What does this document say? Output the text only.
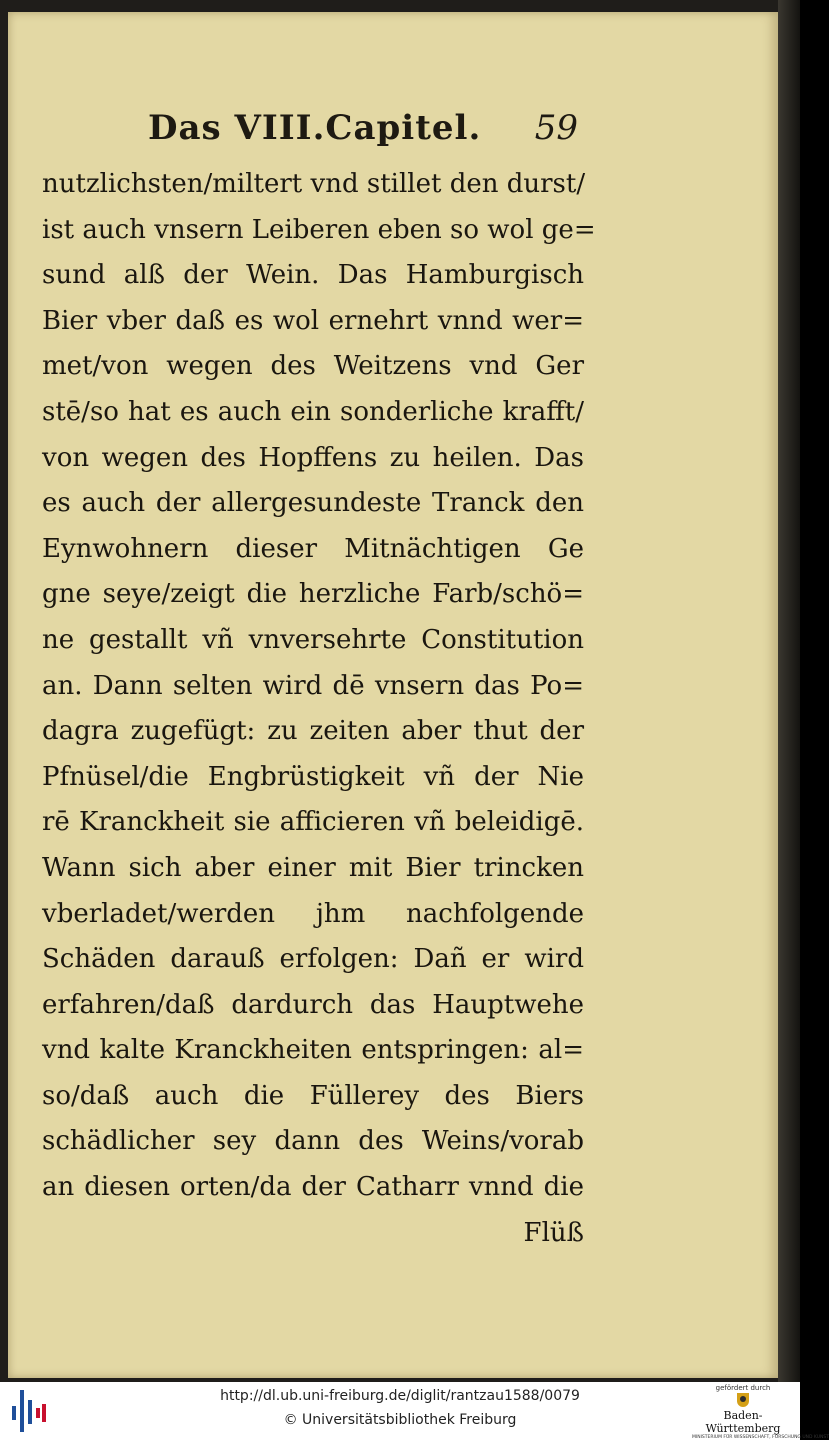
Das VIII.Capitel. 59
nutzlichsten/miltert vnd stillet den durst/
ist auch vnsern Leiberen eben so wol ge=
sund alß der Wein. Das Hamburgisch
Bier vber daß es wol ernehrt vnnd wer=
met/von wegen des Weitzens vnd Ger
stē/so hat es auch ein sonderliche krafft/
von wegen des Hopffens zu heilen. Das
es auch der allergesundeste Tranck den
Eynwohnern dieser Mitnächtigen Ge
gne seye/zeigt die herzliche Farb/schö=
ne gestallt vñ vnversehrte Constitution
an. Dann selten wird dē vnsern das Po=
dagra zugefügt: zu zeiten aber thut der
Pfnüsel/die Engbrüstigkeit vñ der Nie
rē Kranckheit sie afficieren vñ beleidigē.
Wann sich aber einer mit Bier trincken
vberladet/werden jhm nachfolgende
Schäden darauß erfolgen: Dañ er wird
erfahren/daß dardurch das Hauptwehe
vnd kalte Kranckheiten entspringen: al=
so/daß auch die Füllerey des Biers
schädlicher sey dann des Weins/vorab
an diesen orten/da der Catharr vnnd die
Flüß
http://dl.ub.uni-freiburg.de/diglit/rantzau1588/0079
© Universitätsbibliothek Freiburg
gefördert durch
Baden-Württemberg
MINISTERIUM FÜR WISSENSCHAFT, FORSCHUNG UND KUNST
